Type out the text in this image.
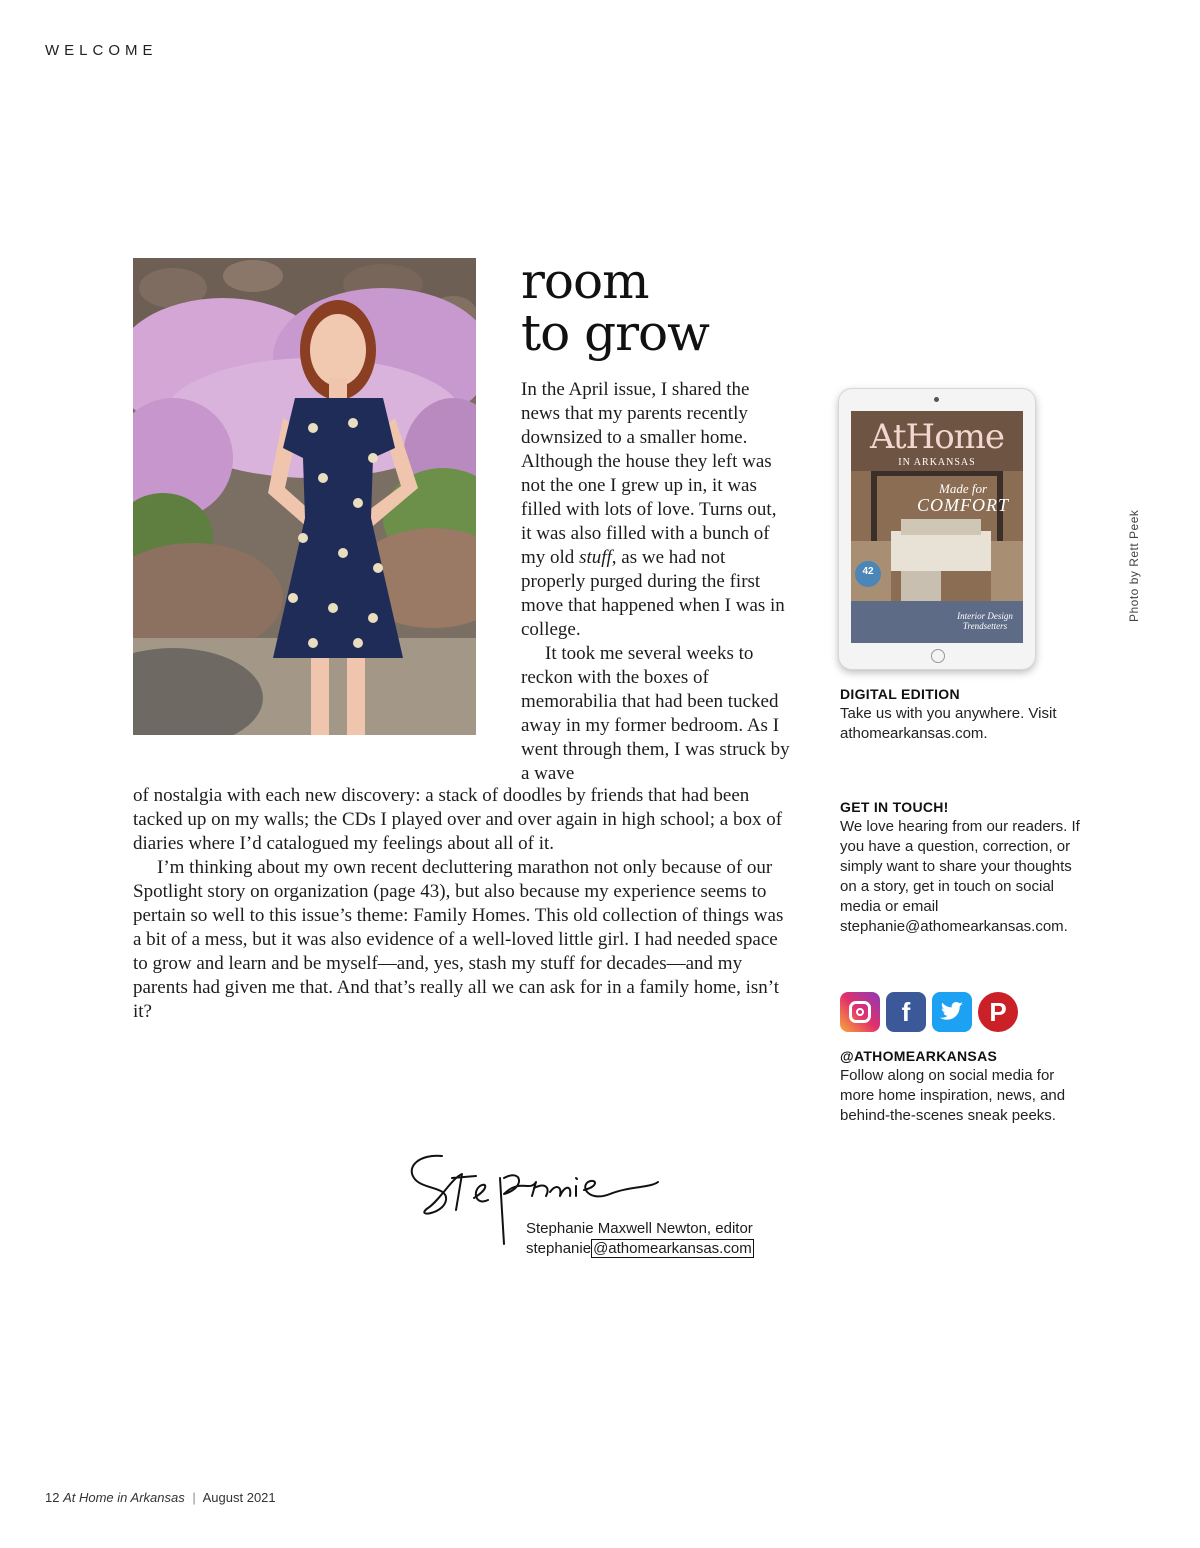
WELCOME
room
to grow

In the April issue, I shared the news that my parents recently downsized to a smaller home. Although the house they left was not the one I grew up in, it was filled with lots of love. Turns out, it was also filled with a bunch of my old stuff, as we had not properly purged during the first move that happened when I was in college.

It took me several weeks to reckon with the boxes of memorabilia that had been tucked away in my former bedroom. As I went through them, I was struck by a wave

of nostalgia with each new discovery: a stack of doodles by friends that had been tacked up on my walls; the CDs I played over and over again in high school; a box of diaries where I’d catalogued my feelings about all of it.

I’m thinking about my own recent decluttering marathon not only because of our Spotlight story on organization (page 43), but also because my experience seems to pertain so well to this issue’s theme: Family Homes. This old collection of things was a bit of a mess, but it was also evidence of a well-loved little girl. I had needed space to grow and learn and be myself—and, yes, stash my stuff for decades—and my parents had given me that. And that’s really all we can ask for in a family home, isn’t it?

AtHome
IN ARKANSAS
Made for
COMFORT
42
Interior Design Trendsetters
DIGITAL EDITION
Take us with you anywhere. Visit athomearkansas.com.
GET IN TOUCH!
We love hearing from our readers. If you have a question, correction, or simply want to share your thoughts on a story, get in touch on social media or email stephanie@athomearkansas.com.
f	P
@ATHOMEARKANSAS
Follow along on social media for more home inspiration, news, and behind-the-scenes sneak peeks.
Photo by Rett Peek
Stephanie Maxwell Newton, editor
stephanie @athomearkansas.com
12 At Home in Arkansas | August 2021
